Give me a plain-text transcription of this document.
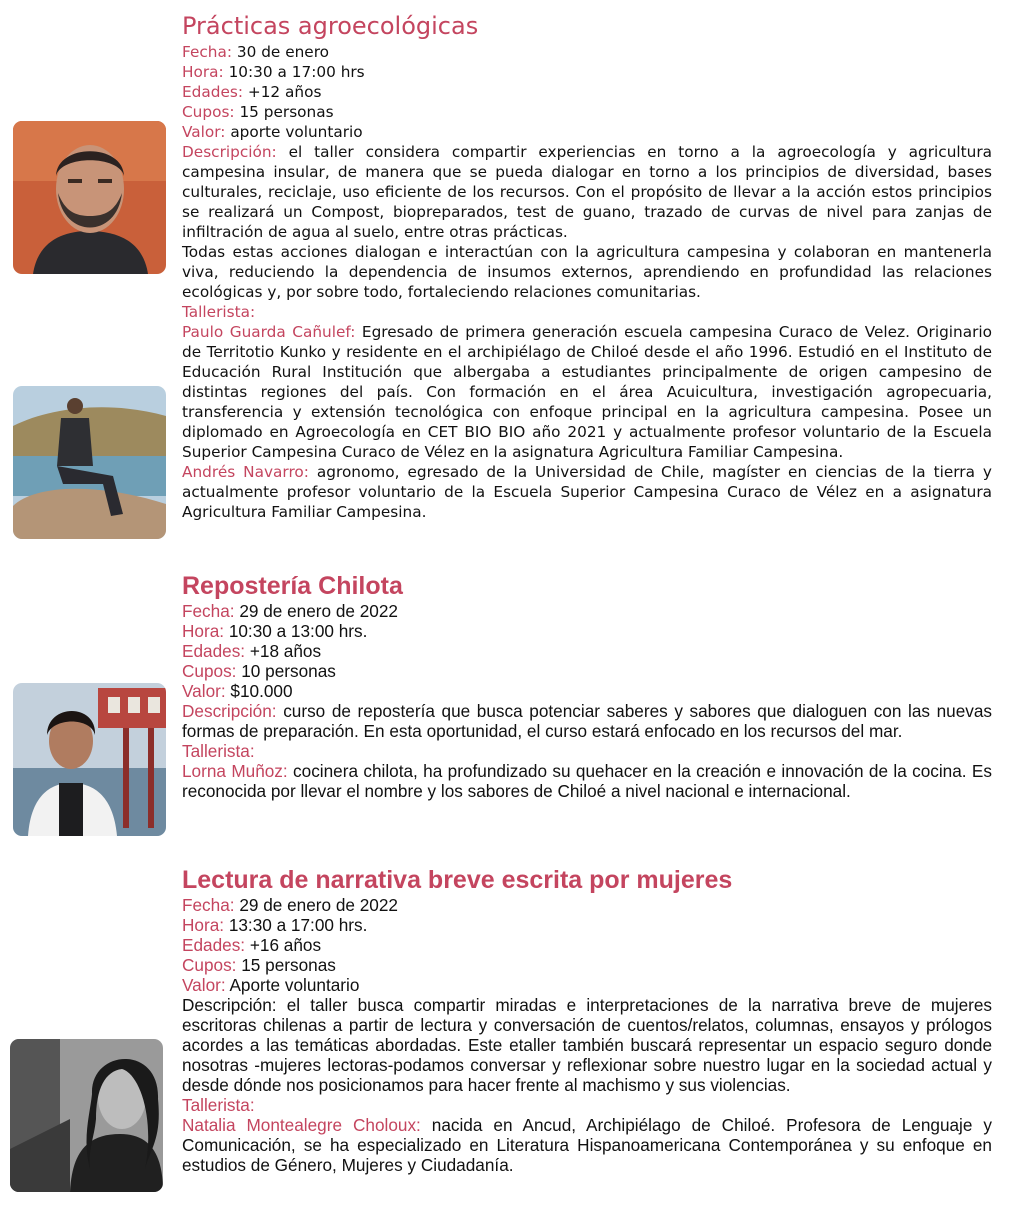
Prácticas agroecológicas
Fecha: 30 de enero
Hora: 10:30 a 17:00 hrs
Edades: +12 años
Cupos: 15 personas
Valor: aporte voluntario

Descripción: el taller considera compartir experiencias en torno a la agroecología y agricultura campesina insular, de manera que se pueda dialogar en torno a los principios de diversidad, bases culturales, reciclaje, uso eficiente de los recursos. Con el propósito de llevar a la acción estos principios se realizará un Compost, biopreparados, test de guano, trazado de curvas de nivel para zanjas de infiltración de agua al suelo, entre otras prácticas.

Todas estas acciones dialogan e interactúan con la agricultura campesina y colaboran en mantenerla viva, reduciendo la dependencia de insumos externos, aprendiendo en profundidad las relaciones ecológicas y, por sobre todo, fortaleciendo relaciones comunitarias.

Tallerista:

Paulo Guarda Cañulef: Egresado de primera generación escuela campesina Curaco de Velez. Originario de Territotio Kunko y residente en el archipiélago de Chiloé desde el año 1996. Estudió en el Instituto de Educación Rural Institución que albergaba a estudiantes principalmente de origen campesino de distintas regiones del país. Con formación en el área Acuicultura, investigación agropecuaria, transferencia y extensión tecnológica con enfoque principal en la agricultura campesina. Posee un diplomado en Agroecología en CET BIO BIO año 2021 y actualmente profesor voluntario de la Escuela Superior Campesina Curaco de Vélez en la asignatura Agricultura Familiar Campesina.

Andrés Navarro: agronomo, egresado de la Universidad de Chile, magíster en ciencias de la tierra y actualmente profesor voluntario de la Escuela Superior Campesina Curaco de Vélez en a asignatura Agricultura Familiar Campesina.

Repostería Chilota
Fecha: 29 de enero de 2022
Hora: 10:30 a 13:00 hrs.
Edades: +18 años
Cupos: 10 personas
Valor: $10.000

Descripción: curso de repostería que busca potenciar saberes y sabores que dialoguen con las nuevas formas de preparación. En esta oportunidad, el curso estará enfocado en los recursos del mar.

Tallerista:

Lorna Muñoz: cocinera chilota, ha profundizado su quehacer en la creación e innovación de la cocina. Es reconocida por llevar el nombre y los sabores de Chiloé a nivel nacional e internacional.

Lectura de narrativa breve escrita por mujeres
Fecha: 29 de enero de 2022
Hora: 13:30 a 17:00 hrs.
Edades: +16 años
Cupos: 15 personas
Valor: Aporte voluntario

Descripción: el taller busca compartir miradas e interpretaciones de la narrativa breve de mujeres escritoras chilenas a partir de lectura y conversación de cuentos/relatos, columnas, ensayos y prólogos acordes a las temáticas abordadas. Este etaller también buscará representar un espacio seguro donde nosotras -mujeres lectoras-podamos conversar y reflexionar sobre nuestro lugar en la sociedad actual y desde dónde nos posicionamos para hacer frente al machismo y sus violencias.

Tallerista:

Natalia Montealegre Choloux: nacida en Ancud, Archipiélago de Chiloé. Profesora de Lenguaje y Comunicación, se ha especializado en Literatura Hispanoamericana Contemporánea y su enfoque en estudios de Género, Mujeres y Ciudadanía.
